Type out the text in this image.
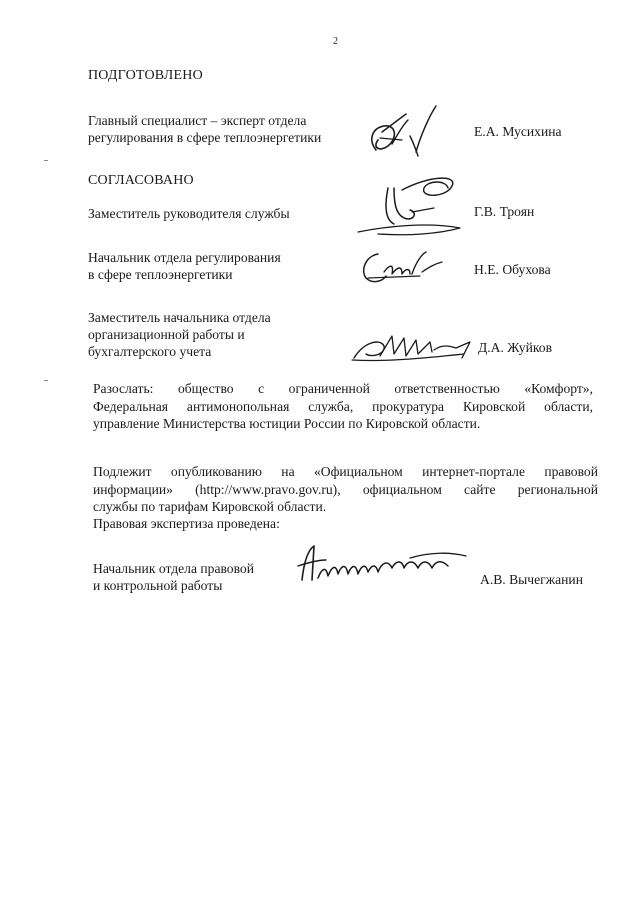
2
ПОДГОТОВЛЕНО
Главный специалист – эксперт отдела
регулирования в сфере теплоэнергетики	Е.А. Мусихина
СОГЛАСОВАНО
Заместитель руководителя службы	Г.В. Троян
Начальник отдела регулирования
в сфере теплоэнергетики	Н.Е. Обухова
Заместитель начальника отдела
организационной работы и
бухгалтерского учета	Д.А. Жуйков
Разослать: общество с ограниченной ответственностью «Комфорт»,
Федеральная антимонопольная служба, прокуратура Кировской области,
управление Министерства юстиции России по Кировской области.
Подлежит опубликованию на «Официальном интернет-портале правовой
информации» (http://www.pravo.gov.ru), официальном сайте региональной
службы по тарифам Кировской области.
Правовая экспертиза проведена:
Начальник отдела правовой
и контрольной работы	А.В. Вычегжанин
